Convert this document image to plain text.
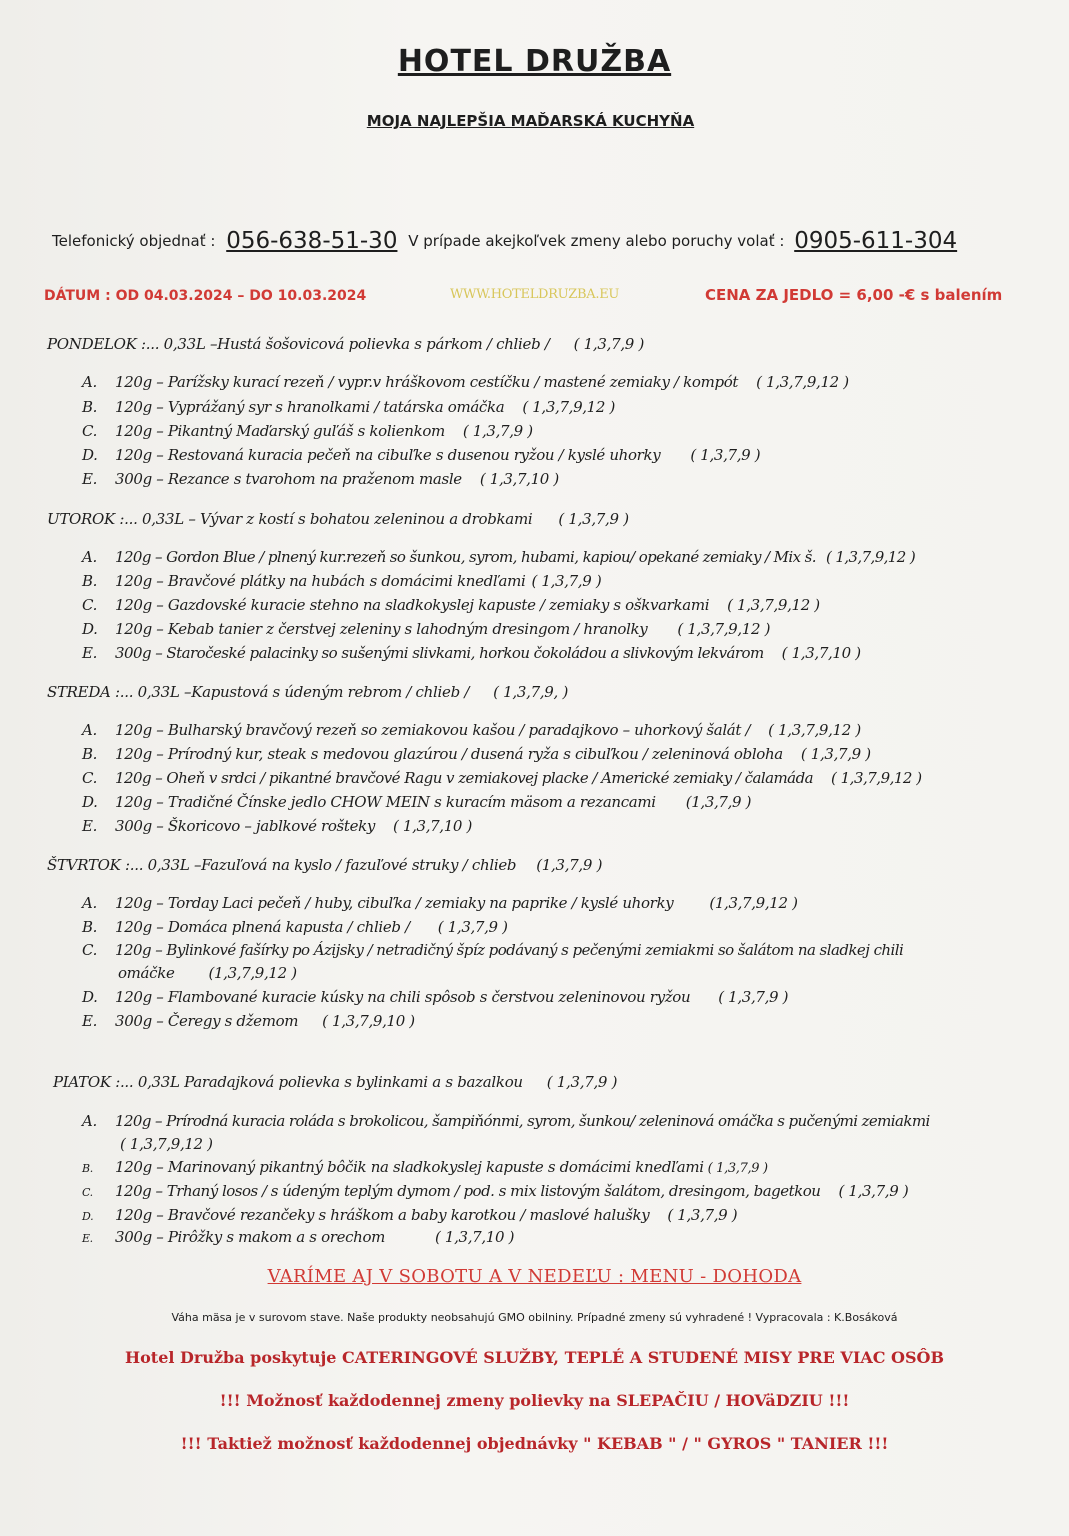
HOTEL DRUŽBA
MOJA NAJLEPŠIA MAĎARSKÁ KUCHYŇA
Telefonický objednať : 056-638-51-30 V prípade akejkoľvek zmeny alebo poruchy volať : 0905-611-304
DÁTUM : OD 04.03.2024 – DO 10.03.2024	WWW.HOTELDRUZBA.EU	CENA ZA JEDLO = 6,00 -€ s balením
PONDELOK :... 0,33L –Hustá šošovicová polievka s párkom / chlieb / ( 1,3,7,9 )
A. 120g – Parížsky kurací rezeň / vypr.v hráškovom cestíčku / mastené zemiaky / kompót ( 1,3,7,9,12 )
B. 120g – Vyprážaný syr s hranolkami / tatárska omáčka ( 1,3,7,9,12 )
C. 120g – Pikantný Maďarský guľáš s kolienkom ( 1,3,7,9 )
D. 120g – Restovaná kuracia pečeň na cibuľke s dusenou ryžou / kyslé uhorky ( 1,3,7,9 )
E. 300g – Rezance s tvarohom na praženom masle ( 1,3,7,10 )
UTOROK :... 0,33L – Vývar z kostí s bohatou zeleninou a drobkami ( 1,3,7,9 )
A. 120g – Gordon Blue / plnený kur.rezeň so šunkou, syrom, hubami, kapiou/ opekané zemiaky / Mix š. ( 1,3,7,9,12 )
B. 120g – Bravčové plátky na hubách s domácimi knedľami ( 1,3,7,9 )
C. 120g – Gazdovské kuracie stehno na sladkokyslej kapuste / zemiaky s oškvarkami ( 1,3,7,9,12 )
D. 120g – Kebab tanier z čerstvej zeleniny s lahodným dresingom / hranolky ( 1,3,7,9,12 )
E. 300g – Staročeské palacinky so sušenými slivkami, horkou čokoládou a slivkovým lekvárom ( 1,3,7,10 )
STREDA :... 0,33L –Kapustová s údeným rebrom / chlieb / ( 1,3,7,9, )
A. 120g – Bulharský bravčový rezeň so zemiakovou kašou / paradajkovo – uhorkový šalát / ( 1,3,7,9,12 )
B. 120g – Prírodný kur, steak s medovou glazúrou / dusená ryža s cibuľkou / zeleninová obloha ( 1,3,7,9 )
C. 120g – Oheň v srdci / pikantné bravčové Ragu v zemiakovej placke / Americké zemiaky / čalamáda ( 1,3,7,9,12 )
D. 120g – Tradičné Čínske jedlo CHOW MEIN s kuracím mäsom a rezancami (1,3,7,9 )
E. 300g – Škoricovo – jablkové rošteky ( 1,3,7,10 )
ŠTVRTOK :... 0,33L –Fazuľová na kyslo / fazuľové struky / chlieb (1,3,7,9 )
A. 120g – Torday Laci pečeň / huby, cibuľka / zemiaky na paprike / kyslé uhorky (1,3,7,9,12 )
B. 120g – Domáca plnená kapusta / chlieb / ( 1,3,7,9 )
C. 120g – Bylinkové fašírky po Ázijsky / netradičný špíz podávaný s pečenými zemiakmi so šalátom na sladkej chili
omáčke (1,3,7,9,12 )
D. 120g – Flambované kuracie kúsky na chili spôsob s čerstvou zeleninovou ryžou ( 1,3,7,9 )
E. 300g – Čeregy s džemom ( 1,3,7,9,10 )
PIATOK :... 0,33L Paradajková polievka s bylinkami a s bazalkou ( 1,3,7,9 )
A. 120g – Prírodná kuracia roláda s brokolicou, šampiňónmi, syrom, šunkou/ zeleninová omáčka s pučenými zemiakmi
( 1,3,7,9,12 )
B. 120g – Marinovaný pikantný bôčik na sladkokyslej kapuste s domácimi knedľami ( 1,3,7,9 )
C. 120g – Trhaný losos / s údeným teplým dymom / pod. s mix listovým šalátom, dresingom, bagetkou ( 1,3,7,9 )
D. 120g – Bravčové rezančeky s hráškom a baby karotkou / maslové halušky ( 1,3,7,9 )
E. 300g – Pirôžky s makom a s orechom	( 1,3,7,10 )
VARÍME AJ V SOBOTU A V NEDEĽU : MENU - DOHODA
Váha mäsa je v surovom stave. Naše produkty neobsahujú GMO obilniny. Prípadné zmeny sú vyhradené ! Vypracovala : K.Bosáková
Hotel Družba poskytuje CATERINGOVÉ SLUŽBY, TEPLÉ A STUDENÉ MISY PRE VIAC OSÔB
!!! Možnosť každodennej zmeny polievky na SLEPAČIU / HOVäDZIU !!!
!!! Taktiež možnosť každodennej objednávky " KEBAB " / " GYROS " TANIER !!!
